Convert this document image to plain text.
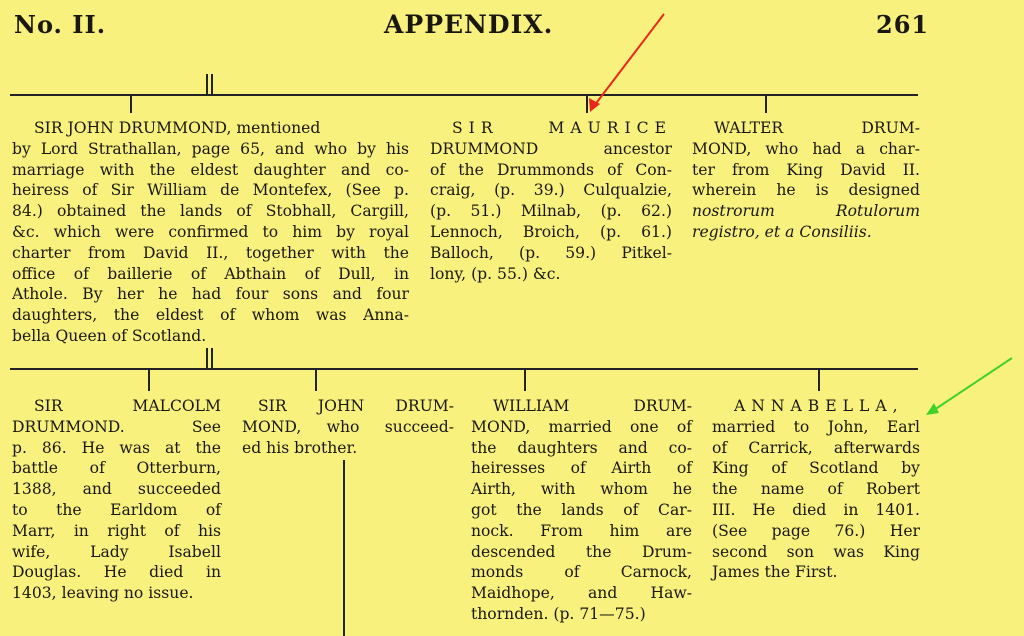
No. II.	APPENDIX.	261
SIR JOHN DRUMMOND, mentioned
by Lord Strathallan, page 65, and who by his
marriage with the eldest daughter and co-
heiress of Sir William de Montefex, (See p.
84.) obtained the lands of Stobhall, Cargill,
&c. which were confirmed to him by royal
charter from David II., together with the
office of baillerie of Abthain of Dull, in
Athole. By her he had four sons and four
daughters, the eldest of whom was Anna-
bella Queen of Scotland.
SIR MAURICE
DRUMMOND ancestor
of the Drummonds of Con-
craig, (p. 39.) Culqualzie,
(p. 51.) Milnab, (p. 62.)
Lennoch, Broich, (p. 61.)
Balloch, (p. 59.) Pitkel-
lony, (p. 55.) &c.
WALTER DRUM-
MOND, who had a char-
ter from King David II.
wherein he is designed
nostrorum Rotulorum
registro, et a Consiliis.
SIR MALCOLM
DRUMMOND. See
p. 86. He was at the
battle of Otterburn,
1388, and succeeded
to the Earldom of
Marr, in right of his
wife, Lady Isabell
Douglas. He died in
1403, leaving no issue.
SIR JOHN DRUM-
MOND, who succeed-
ed his brother.
WILLIAM DRUM-
MOND, married one of
the daughters and co-
heiresses of Airth of
Airth, with whom he
got the lands of Car-
nock. From him are
descended the Drum-
monds of Carnock,
Maidhope, and Haw-
thornden. (p. 71—75.)
ANNABELLA,
married to John, Earl
of Carrick, afterwards
King of Scotland by
the name of Robert
III. He died in 1401.
(See page 76.) Her
second son was King
James the First.
